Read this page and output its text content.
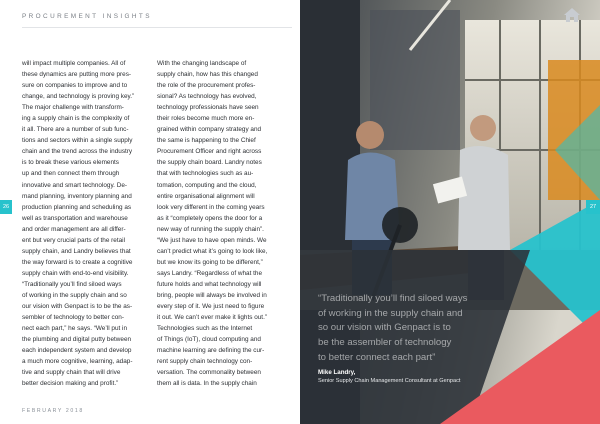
PROCUREMENT INSIGHTS

will impact multiple companies. All of

these dynamics are putting more pres-

sure on companies to improve and to

change, and technology is proving key.”

The major challenge with transform-

ing a supply chain is the complexity of

it all. There are a number of sub func-

tions and sectors within a single supply

chain and the trend across the industry

is to break these various elements

up and then connect them through

innovative and smart technology. De-

mand planning, inventory planning and

production planning and scheduling as

well as transportation and warehouse

and order management are all differ-

ent but very crucial parts of the retail

supply chain, and Landry believes that

the way forward is to create a cognitive

supply chain with end-to-end visibility.

“Traditionally you’ll find siloed ways

of working in the supply chain and so

our vision with Genpact is to be the as-

sembler of technology to better con-

nect each part,” he says. “We’ll put in

the plumbing and digital putty between

each independent system and develop

a much more cognitive, learning, adap-

tive and supply chain that will drive

better decision making and profit.”

With the changing landscape of

supply chain, how has this changed

the role of the procurement profes-

sional? As technology has evolved,

technology professionals have seen

their roles become much more en-

grained within company strategy and

the same is happening to the Chief

Procurement Officer and right across

the supply chain board. Landry notes

that with technologies such as au-

tomation, computing and the cloud,

entire organisational alignment will

look very different in the coming years

as it “completely opens the door for a

new way of running the supply chain”.

“We just have to have open minds. We

can’t predict what it’s going to look like,

but we know its going to be different,”

says Landry. “Regardless of what the

future holds and what technology will

bring, people will always be involved in

every step of it. We just need to figure

it out. We can’t ever make it lights out.”

Technologies such as the Internet

of Things (IoT), cloud computing and

machine learning are defining the cur-

rent supply chain technology con-

versation. The commonality between

them all is data. In the supply chain

26
FEBRUARY 2018

“Traditionally you’ll find siloed ways

of working in the supply chain and

so our vision with Genpact is to

be the assembler of technology

to better connect each part”

Mike Landry,
Senior Supply Chain Management Consultant at Genpact
27
